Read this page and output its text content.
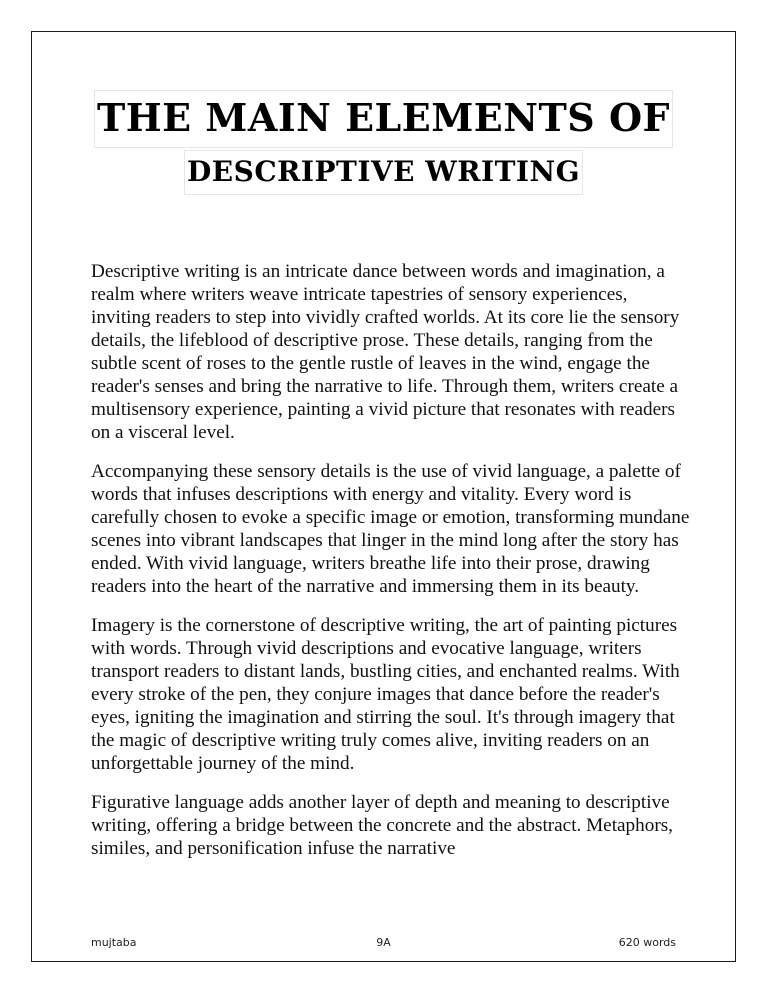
THE MAIN ELEMENTS OF
DESCRIPTIVE WRITING

Descriptive writing is an intricate dance between words and imagination, a realm where writers weave intricate tapestries of sensory experiences, inviting readers to step into vividly crafted worlds. At its core lie the sensory details, the lifeblood of descriptive prose. These details, ranging from the subtle scent of roses to the gentle rustle of leaves in the wind, engage the reader's senses and bring the narrative to life. Through them, writers create a multisensory experience, painting a vivid picture that resonates with readers on a visceral level.

Accompanying these sensory details is the use of vivid language, a palette of words that infuses descriptions with energy and vitality. Every word is carefully chosen to evoke a specific image or emotion, transforming mundane scenes into vibrant landscapes that linger in the mind long after the story has ended. With vivid language, writers breathe life into their prose, drawing readers into the heart of the narrative and immersing them in its beauty.

Imagery is the cornerstone of descriptive writing, the art of painting pictures with words. Through vivid descriptions and evocative language, writers transport readers to distant lands, bustling cities, and enchanted realms. With every stroke of the pen, they conjure images that dance before the reader's eyes, igniting the imagination and stirring the soul. It's through imagery that the magic of descriptive writing truly comes alive, inviting readers on an unforgettable journey of the mind.

Figurative language adds another layer of depth and meaning to descriptive writing, offering a bridge between the concrete and the abstract. Metaphors, similes, and personification infuse the narrative

mujtaba	9A	620 words
